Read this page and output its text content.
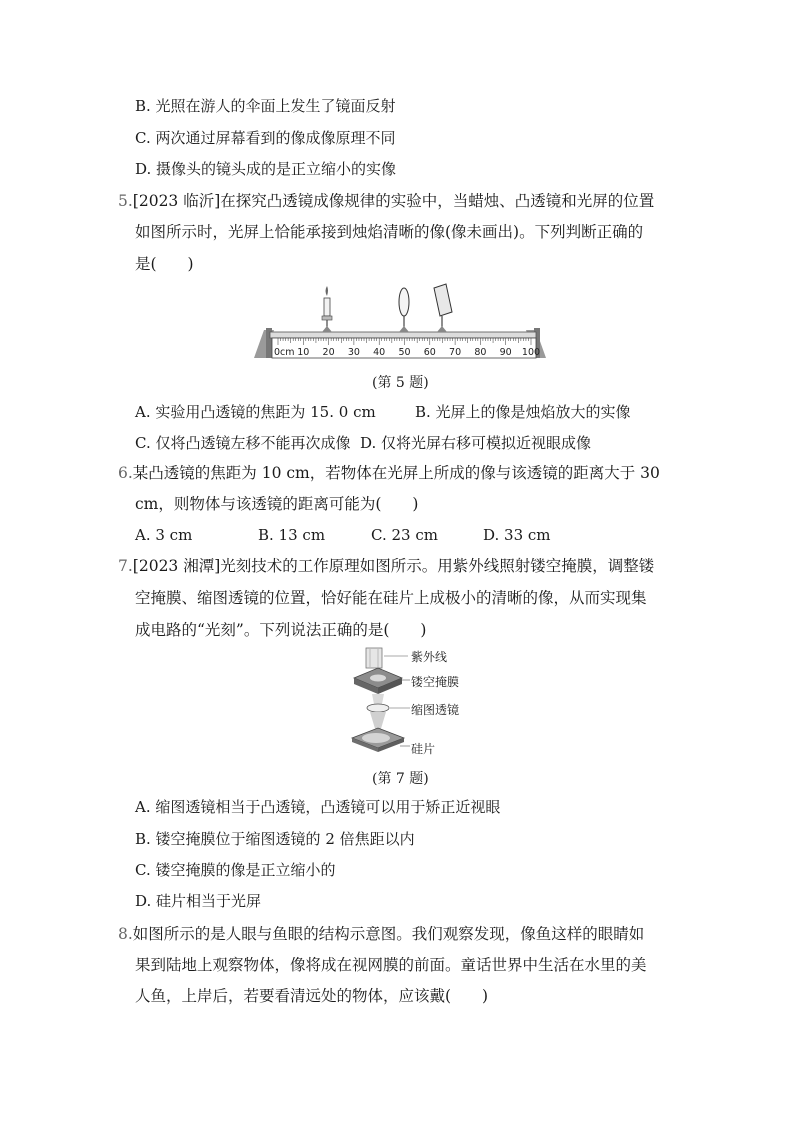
B. 光照在游人的伞面上发生了镜面反射
C. 两次通过屏幕看到的像成像原理不同
D. 摄像头的镜头成的是正立缩小的实像
5.[2023 临沂]在探究凸透镜成像规律的实验中，当蜡烛、凸透镜和光屏的位置
如图所示时，光屏上恰能承接到烛焰清晰的像(像未画出)。下列判断正确的
是(　　)
0cm 10 20 30 40 50 60 70 80 90 100
(第 5 题)
A. 实验用凸透镜的焦距为 15. 0 cm	B. 光屏上的像是烛焰放大的实像
C. 仅将凸透镜左移不能再次成像 D. 仅将光屏右移可模拟近视眼成像
6.某凸透镜的焦距为 10 cm，若物体在光屏上所成的像与该透镜的距离大于 30
cm，则物体与该透镜的距离可能为(　　)
A. 3 cm	B. 13 cm	C. 23 cm	D. 33 cm
7.[2023 湘潭]光刻技术的工作原理如图所示。用紫外线照射镂空掩膜，调整镂
空掩膜、缩图透镜的位置，恰好能在硅片上成极小的清晰的像，从而实现集
成电路的“光刻”。下列说法正确的是(　　)
紫外线
镂空掩膜
缩图透镜
硅片
(第 7 题)
A. 缩图透镜相当于凸透镜，凸透镜可以用于矫正近视眼
B. 镂空掩膜位于缩图透镜的 2 倍焦距以内
C. 镂空掩膜的像是正立缩小的
D. 硅片相当于光屏
8.如图所示的是人眼与鱼眼的结构示意图。我们观察发现，像鱼这样的眼睛如
果到陆地上观察物体，像将成在视网膜的前面。童话世界中生活在水里的美
人鱼，上岸后，若要看清远处的物体，应该戴(　　)
